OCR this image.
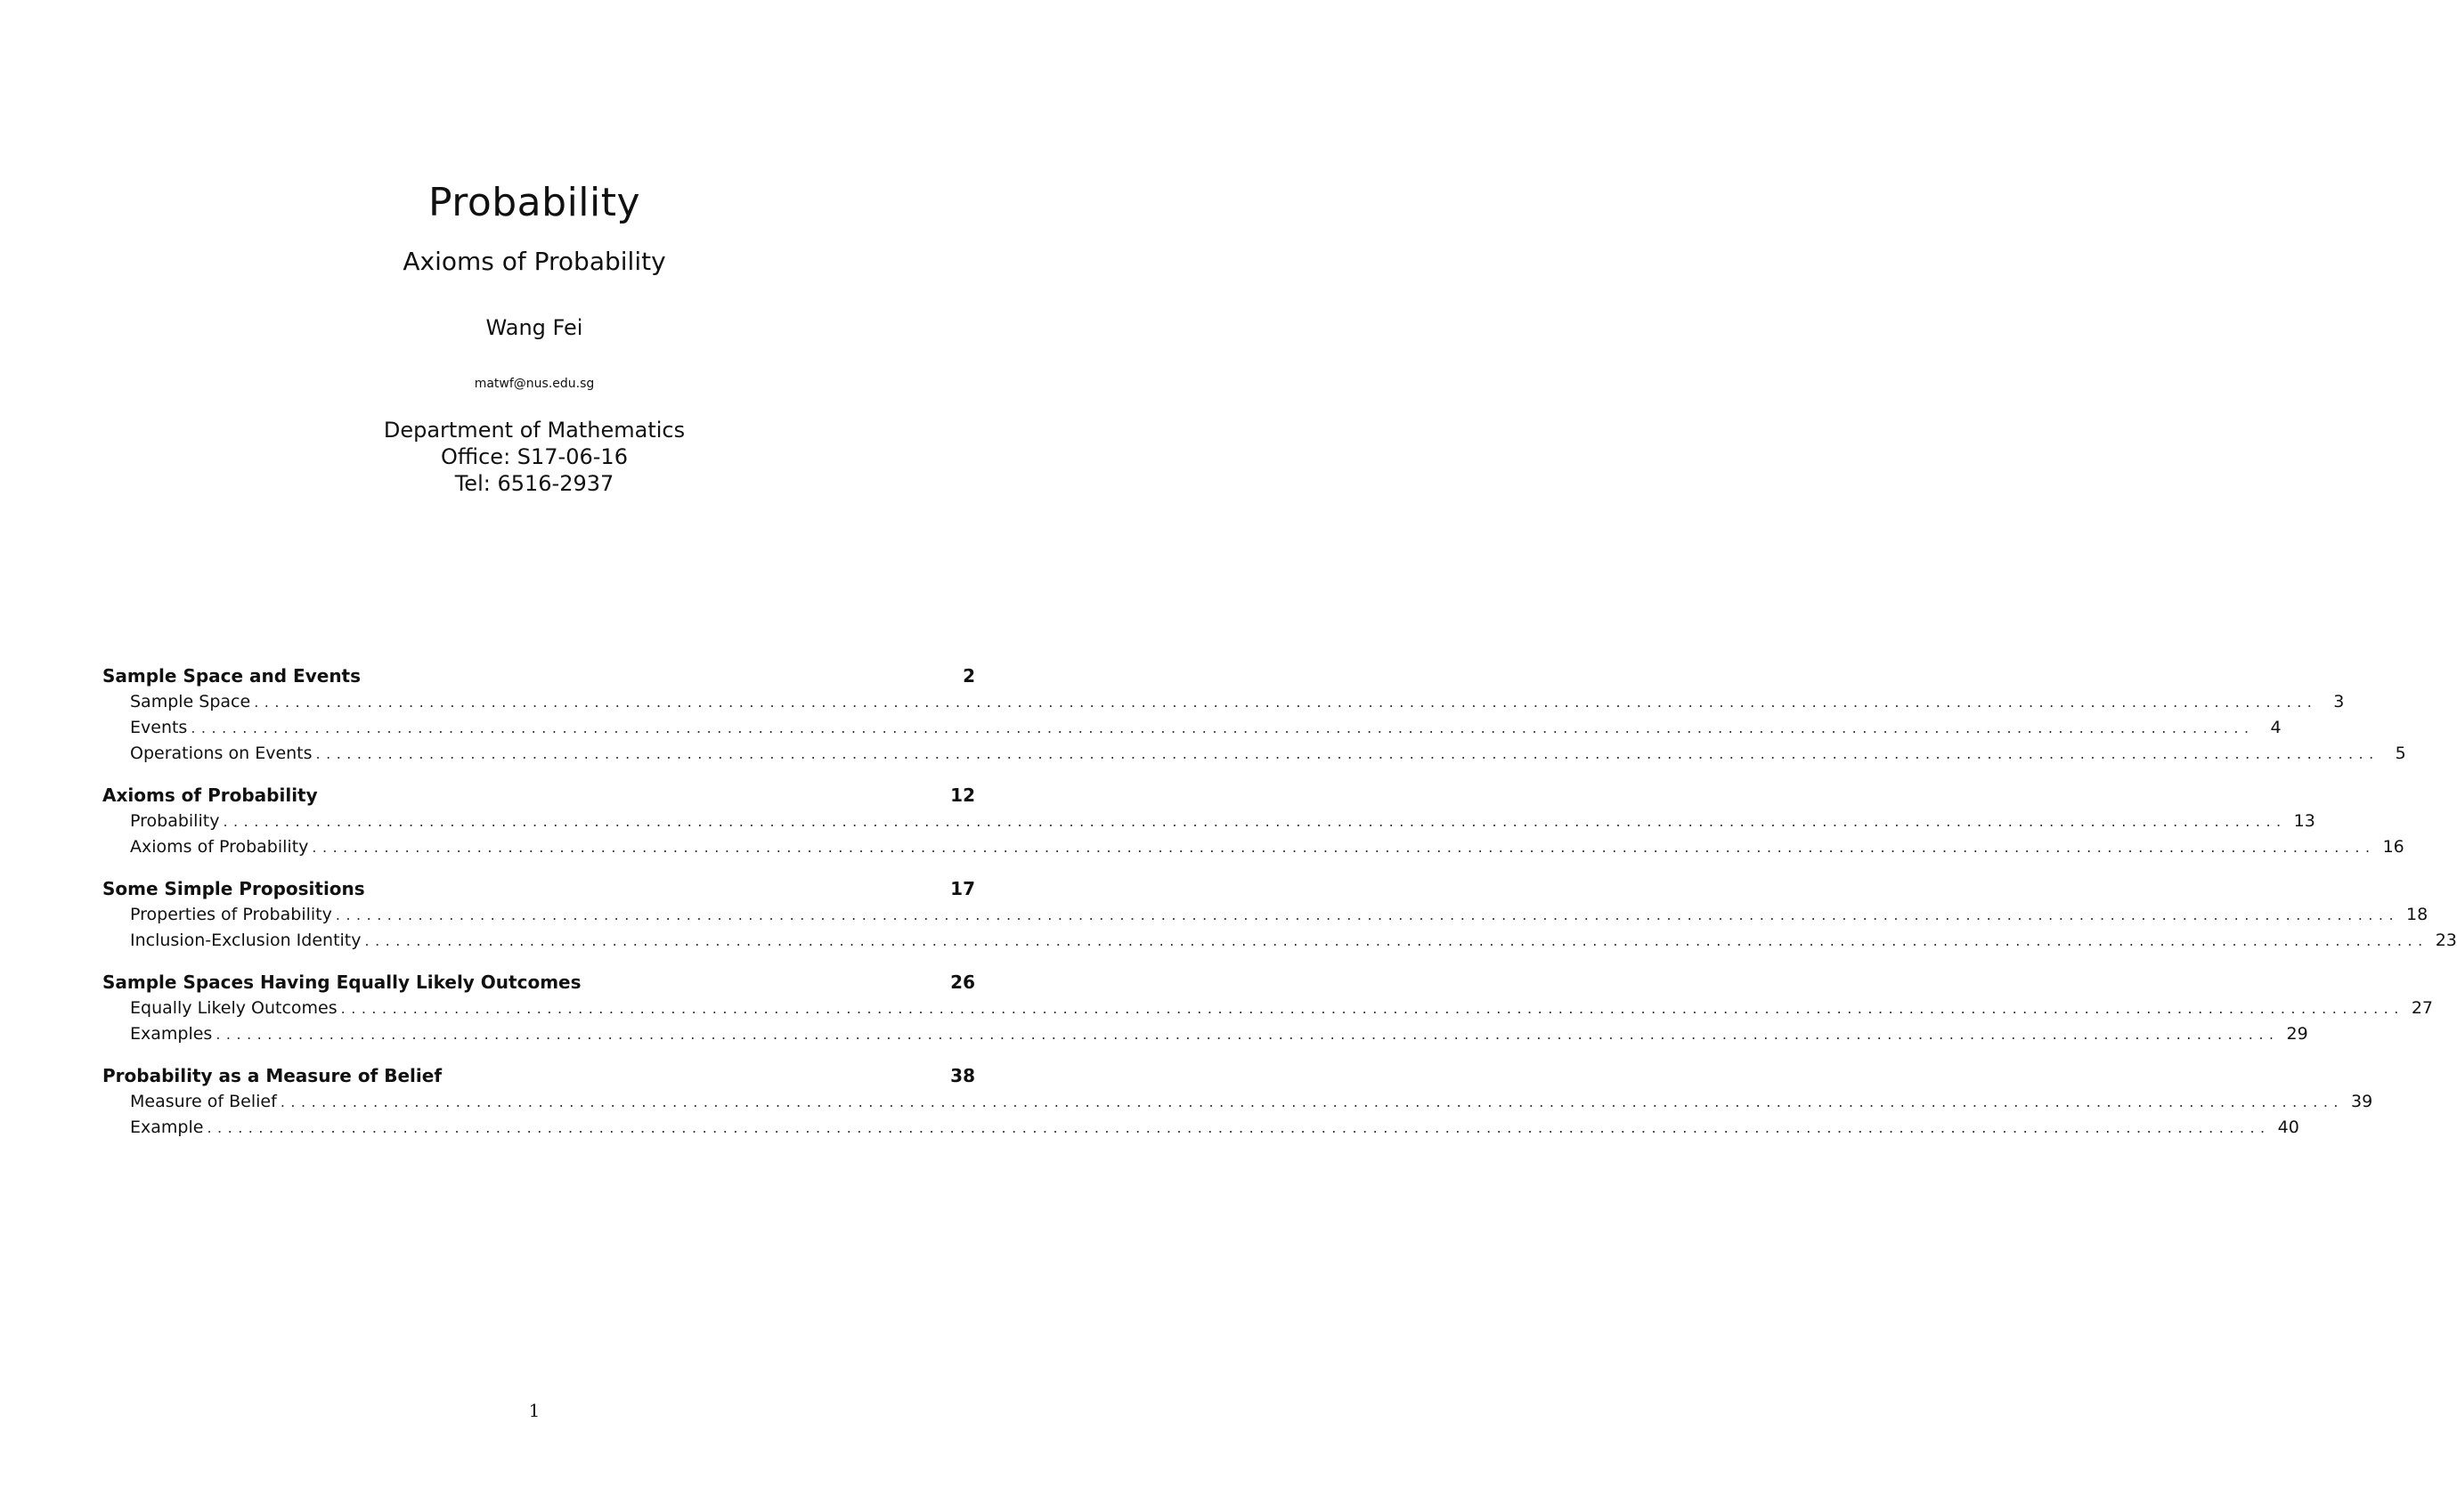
Probability
Axioms of Probability
Wang Fei
matwf@nus.edu.sg
Department of Mathematics
Office: S17-06-16
Tel: 6516-2937
Sample Space and Events	2
Sample Space ........................................................................................................................................................................................................ 3
Events ........................................................................................................................................................................................................ 4
Operations on Events ........................................................................................................................................................................................................ 5
Axioms of Probability	12
Probability ........................................................................................................................................................................................................ 13
Axioms of Probability ........................................................................................................................................................................................................ 16
Some Simple Propositions	17
Properties of Probability ........................................................................................................................................................................................................ 18
Inclusion-Exclusion Identity ........................................................................................................................................................................................................ 23
Sample Spaces Having Equally Likely Outcomes	26
Equally Likely Outcomes ........................................................................................................................................................................................................ 27
Examples ........................................................................................................................................................................................................ 29
Probability as a Measure of Belief	38
Measure of Belief ........................................................................................................................................................................................................ 39
Example ........................................................................................................................................................................................................ 40
1
